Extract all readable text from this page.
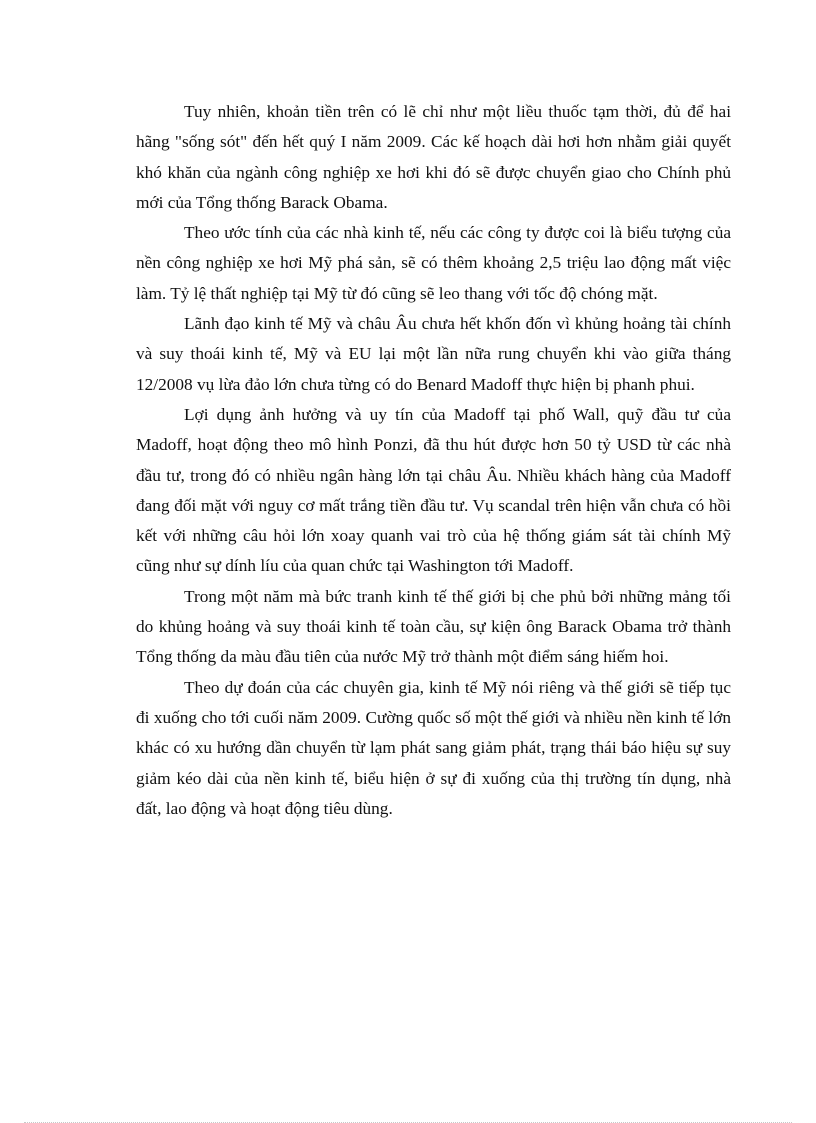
Tuy nhiên, khoản tiền trên có lẽ chỉ như một liều thuốc tạm thời, đủ để hai hãng "sống sót" đến hết quý I năm 2009. Các kế hoạch dài hơi hơn nhằm giải quyết khó khăn của ngành công nghiệp xe hơi khi đó sẽ được chuyển giao cho Chính phủ mới của Tổng thống Barack Obama.

Theo ước tính của các nhà kinh tế, nếu các công ty được coi là biểu tượng của nền công nghiệp xe hơi Mỹ phá sản, sẽ có thêm khoảng 2,5 triệu lao động mất việc làm. Tỷ lệ thất nghiệp tại Mỹ từ đó cũng sẽ leo thang với tốc độ chóng mặt.

Lãnh đạo kinh tế Mỹ và châu Âu chưa hết khốn đốn vì khủng hoảng tài chính và suy thoái kinh tế, Mỹ và EU lại một lần nữa rung chuyển khi vào giữa tháng 12/2008 vụ lừa đảo lớn chưa từng có do Benard Madoff thực hiện bị phanh phui.

Lợi dụng ảnh hưởng và uy tín của Madoff tại phố Wall, quỹ đầu tư của Madoff, hoạt động theo mô hình Ponzi, đã thu hút được hơn 50 tỷ USD từ các nhà đầu tư, trong đó có nhiều ngân hàng lớn tại châu Âu. Nhiều khách hàng của Madoff đang đối mặt với nguy cơ mất trắng tiền đầu tư. Vụ scandal trên hiện vẫn chưa có hồi kết với những câu hỏi lớn xoay quanh vai trò của hệ thống giám sát tài chính Mỹ cũng như sự dính líu của quan chức tại Washington tới Madoff.

Trong một năm mà bức tranh kinh tế thế giới bị che phủ bởi những mảng tối do khủng hoảng và suy thoái kinh tế toàn cầu, sự kiện ông Barack Obama trở thành Tổng thống da màu đầu tiên của nước Mỹ trở thành một điểm sáng hiếm hoi.

Theo dự đoán của các chuyên gia, kinh tế Mỹ nói riêng và thế giới sẽ tiếp tục đi xuống cho tới cuối năm 2009. Cường quốc số một thế giới và nhiều nền kinh tế lớn khác có xu hướng dần chuyển từ lạm phát sang giảm phát, trạng thái báo hiệu sự suy giảm kéo dài của nền kinh tế, biểu hiện ở sự đi xuống của thị trường tín dụng, nhà đất, lao động và hoạt động tiêu dùng.
